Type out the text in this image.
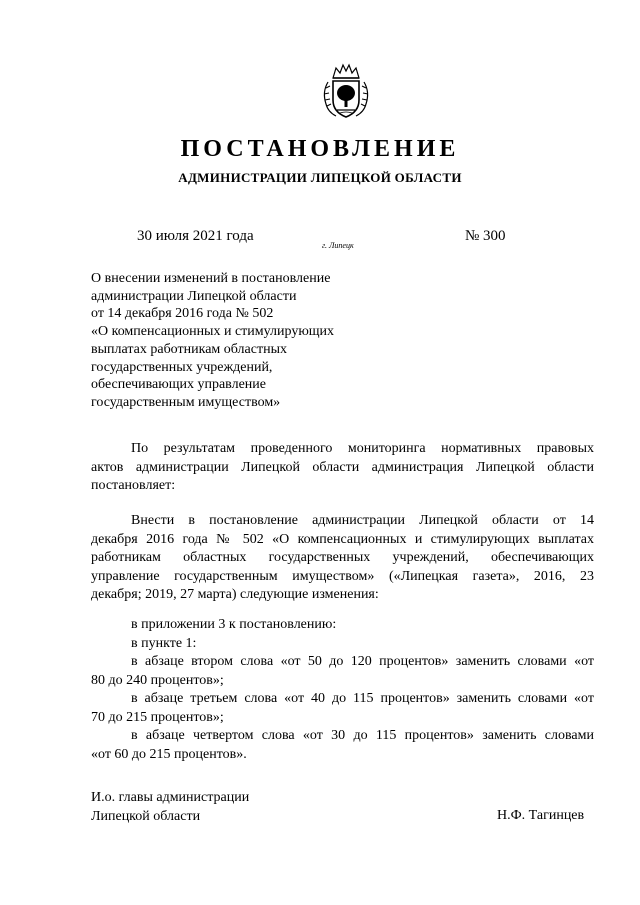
ПОСТАНОВЛЕНИЕ
АДМИНИСТРАЦИИ ЛИПЕЦКОЙ ОБЛАСТИ
30 июля 2021 года
г. Липецк
№ 300
О внесении изменений в постановление
администрации Липецкой области
от 14 декабря 2016 года № 502
«О компенсационных и стимулирующих
выплатах работникам областных
государственных учреждений,
обеспечивающих управление
государственным имуществом»
По результатам проведенного мониторинга нормативных правовых
актов администрации Липецкой области администрация Липецкой области
постановляет:
Внести в постановление администрации Липецкой области от 14
декабря 2016 года № 502 «О компенсационных и стимулирующих выплатах
работникам областных государственных учреждений, обеспечивающих
управление государственным имуществом» («Липецкая газета», 2016, 23
декабря; 2019, 27 марта) следующие изменения:
в приложении 3 к постановлению:
в пункте 1:
в абзаце втором слова «от 50 до 120 процентов» заменить словами «от
80 до 240 процентов»;
в абзаце третьем слова «от 40 до 115 процентов» заменить словами «от
70 до 215 процентов»;
в абзаце четвертом слова «от 30 до 115 процентов» заменить словами
«от 60 до 215 процентов».
И.о. главы администрации
Липецкой области	Н.Ф. Тагинцев
